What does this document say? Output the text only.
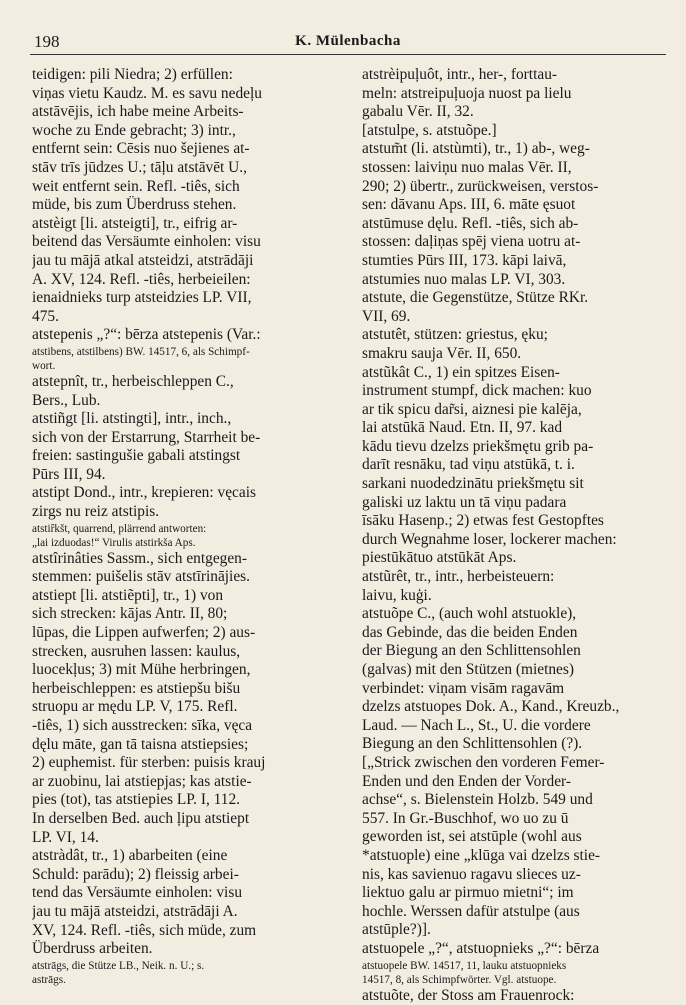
198	K. Mülenbacha
teidigen: pili Niedra; 2) erfüllen:
viņas vietu Kaudz. M. es savu nedeļu
atstāvējis, ich habe meine Arbeits-
woche zu Ende gebracht; 3) intr.,
entfernt sein: Cēsis nuo šejienes at-
stāv trīs jūdzes U.; tāļu atstāvēt U.,
weit entfernt sein. Refl. -tiês, sich
müde, bis zum Überdruss stehen.
atstèigt [li. atsteigti], tr., eifrig ar-
beitend das Versäumte einholen: visu
jau tu mājā atkal atsteidzi, atstrādāji
A. XV, 124. Refl. -tiês, herbeieilen:
ienaidnieks turp atsteidzies LP. VII,
475.
atstepenis „?“: bērza atstepenis (Var.:
atstibens, atstilbens) BW. 14517, 6, als Schimpf-
wort.
atstepnît, tr., herbeischleppen C.,
Bers., Lub.
atstiñgt [li. atstingti], intr., inch.,
sich von der Erstarrung, Starrheit be-
freien: sastingušie gabali atstingst
Pūrs III, 94.
atstipt Dond., intr., krepieren: vęcais
zirgs nu reiz atstipis.
atstiȓkšt, quarrend, plärrend antworten:
„lai izduodas!“ Virulis atstirkša Aps.
atstîrinâties Sassm., sich entgegen-
stemmen: puišelis stāv atstīrinājies.
atstiept [li. atstiẽpti], tr., 1) von
sich strecken: kājas Antr. II, 80;
lūpas, die Lippen aufwerfen; 2) aus-
strecken, ausruhen lassen: kaulus,
luocekļus; 3) mit Mühe herbringen,
herbeischleppen: es atstiepšu bišu
struopu ar mędu LP. V, 175. Refl.
-tiês, 1) sich ausstrecken: sīka, vęca
dęlu māte, gan tā taisna atstiepsies;
2) euphemist. für sterben: puisis krauj
ar zuobinu, lai atstiepjas; kas atstie-
pies (tot), tas atstiepies LP. I, 112.
In derselben Bed. auch ļipu atstiept
LP. VI, 14.
atstràdât, tr., 1) abarbeiten (eine
Schuld: parādu); 2) fleissig arbei-
tend das Versäumte einholen: visu
jau tu mājā atsteidzi, atstrādāji A.
XV, 124. Refl. -tiês, sich müde, zum
Überdruss arbeiten.
atstrāgs, die Stütze LB., Neik. n. U.; s.
astrāgs.
atstrèipuļuôt, intr., her-, forttau-
meln: atstreipuļuoja nuost pa lielu
gabalu Vēr. II, 32.
[atstulpe, s. atstuõpe.]
atstum̃t (li. atstùmti), tr., 1) ab-, weg-
stossen: laiviņu nuo malas Vēr. II,
290; 2) übertr., zurückweisen, verstos-
sen: dāvanu Aps. III, 6. māte ęsuot
atstūmuse dęlu. Refl. -tiês, sich ab-
stossen: daļiņas spēj viena uotru at-
stumties Pūrs III, 173. kāpi laivā,
atstumies nuo malas LP. VI, 303.
atstute, die Gegenstütze, Stütze RKr.
VII, 69.
atstutêt, stützen: griestus, ęku;
smakru sauja Vēr. II, 650.
atstũkât C., 1) ein spitzes Eisen-
instrument stumpf, dick machen: kuo
ar tik spicu dar̃si, aiznesi pie kalēja,
lai atstūkā Naud. Etn. II, 97. kad
kādu tievu dzelzs priekšmętu grib pa-
darīt resnāku, tad viņu atstūkā, t. i.
sarkani nuodedzinātu priekšmętu sit
galiski uz laktu un tā viņu padara
īsāku Hasenp.; 2) etwas fest Gestopftes
durch Wegnahme loser, lockerer machen:
piestūkātuo atstūkāt Aps.
atstũrêt, tr., intr., herbeisteuern:
laivu, kuģi.
atstuõpe C., (auch wohl atstuokle),
das Gebinde, das die beiden Enden
der Biegung an den Schlittensohlen
(galvas) mit den Stützen (mietnes)
verbindet: viņam visām ragavām
dzelzs atstuopes Dok. A., Kand., Kreuzb.,
Laud. — Nach L., St., U. die vordere
Biegung an den Schlittensohlen (?).
[„Strick zwischen den vorderen Femer-
Enden und den Enden der Vorder-
achse“, s. Bielenstein Holzb. 549 und
557. In Gr.-Buschhof, wo uo zu ū
geworden ist, sei atstūple (wohl aus
*atstuople) eine „klūga vai dzelzs stie-
nis, kas savienuo ragavu slieces uz-
liektuo galu ar pirmuo mietni“; im
hochle. Werssen dafür atstulpe (aus
atstūple?)].
atstuopele „?“, atstuopnieks „?“: bērza
atstuopele BW. 14517, 11, lauku atstuopnieks
14517, 8, als Schimpfwörter. Vgl. atstuope.
atstuõte, der Stoss am Frauenrock:
